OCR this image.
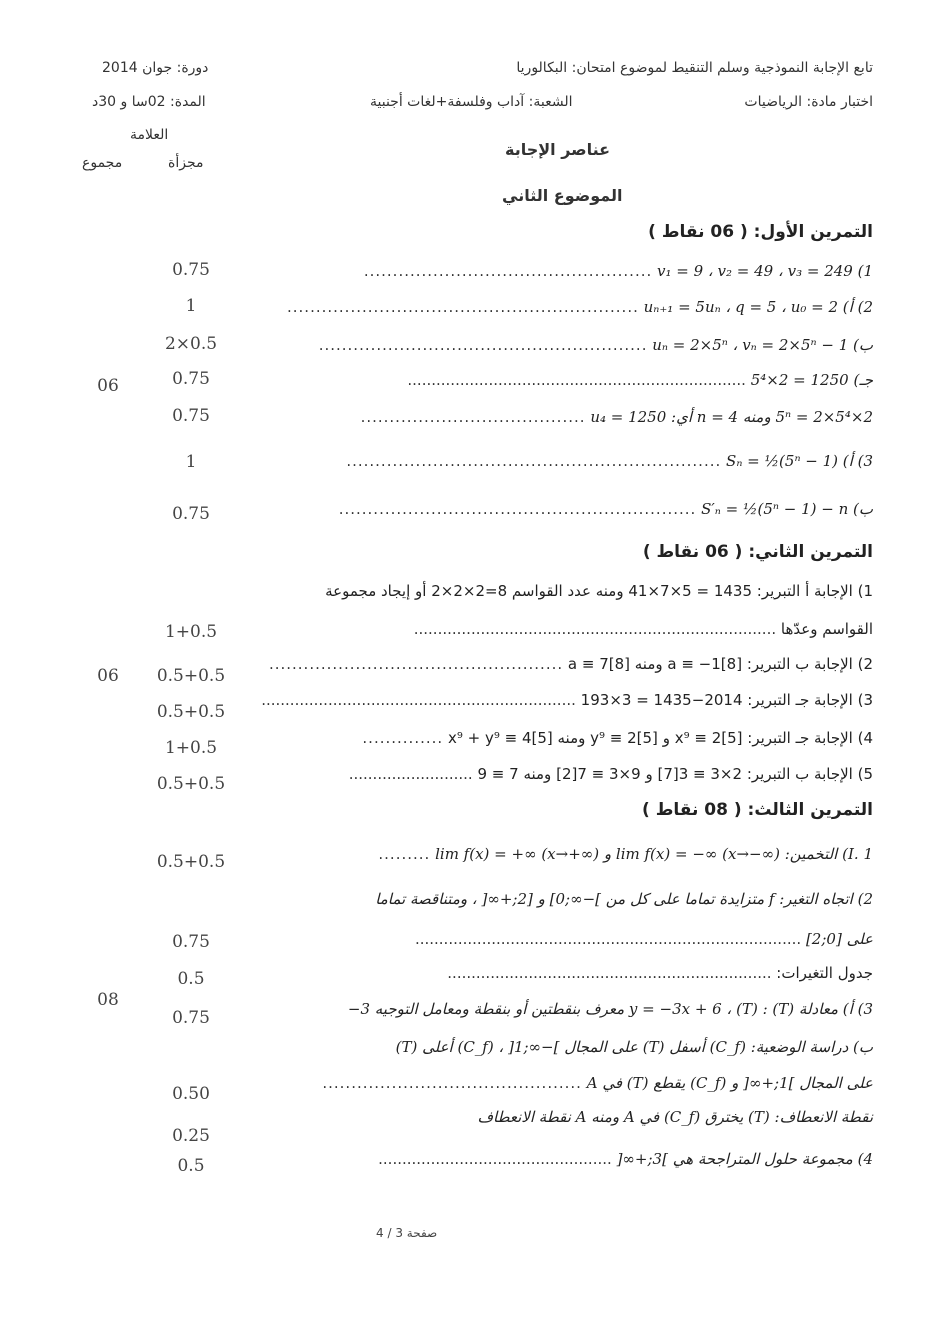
دورة: جوان 2014
المدة: 02سا و 30د
تابع الإجابة النموذجية وسلم التنقيط لموضوع امتحان: البكالوريا
اختبار مادة: الرياضيات
الشعبة: آداب وفلسفة+لغات أجنبية
العلامة
مجزأة
مجموع
عناصر الإجابة
الموضوع الثاني
التمرين الأول: ( 06 نقاط )
06
1) v₁ = 9 ، v₂ = 49 ، v₃ = 249 ..................................................
0.75
2) أ) uₙ₊₁ = 5uₙ ، q = 5 ، u₀ = 2 .............................................................
1
ب) uₙ = 2×5ⁿ ، vₙ = 2×5ⁿ − 1 .........................................................
2×0.5
جـ) 1250 = 2×5⁴ .......................................................................
0.75
2×5ⁿ = 2×5⁴ ومنه n = 4 أي: u₄ = 1250 .......................................
0.75
3) أ) Sₙ = ½(5ⁿ − 1) .................................................................
1
ب) S′ₙ = ½(5ⁿ − 1) − n ..............................................................
0.75
التمرين الثاني: ( 06 نقاط )
06
1) الإجابة أ التبرير: 1435 = 5×7×41 ومنه عدد القواسم 8=2×2×2 أو إيجاد مجموعة
القواسم وعدّها ............................................................................
1+0.5
2) الإجابة ب التبرير: a ≡ −1[8] ومنه a ≡ 7[8] ...................................................
0.5+0.5
3) الإجابة جـ التبرير: 2014−1435 = 3×193 ..................................................................
0.5+0.5
4) الإجابة جـ التبرير: x⁹ ≡ 2[5] و y⁹ ≡ 2[5] ومنه x⁹ + y⁹ ≡ 4[5] ..............
1+0.5
5) الإجابة ب التبرير: 2×3 ≡ 3[7] و 9×3 ≡ 7[2] ومنه 7 ≡ 9 ..........................
0.5+0.5
التمرين الثالث: ( 08 نقاط )
08
I. 1) التخمين: lim f(x) = −∞ (x→−∞) و lim f(x) = +∞ (x→+∞) .........
0.5+0.5
2) اتجاه التغير: f متزايدة تماما على كل من ]−∞;0] و [2;+∞[ ، ومتناقصة تماما
على [0;2] .................................................................................
0.75
جدول التغيرات: ....................................................................
0.5
3) أ) معادلة (T) : y = −3x + 6 ، (T) معرف بنقطتين أو بنقطة ومعامل التوجيه 3−
0.75
ب) دراسة الوضعية: (C_f) أسفل (T) على المجال ]−∞;1[ ، (C_f) أعلى (T)
على المجال ]1;+∞[ و (C_f) يقطع (T) في A .............................................
0.50
نقطة الانعطاف: (T) يخترق (C_f) في A ومنه A نقطة الانعطاف
0.25
4) مجموعة حلول المتراجحة هي ]3;+∞[ .................................................
0.5
صفحة 3 / 4
